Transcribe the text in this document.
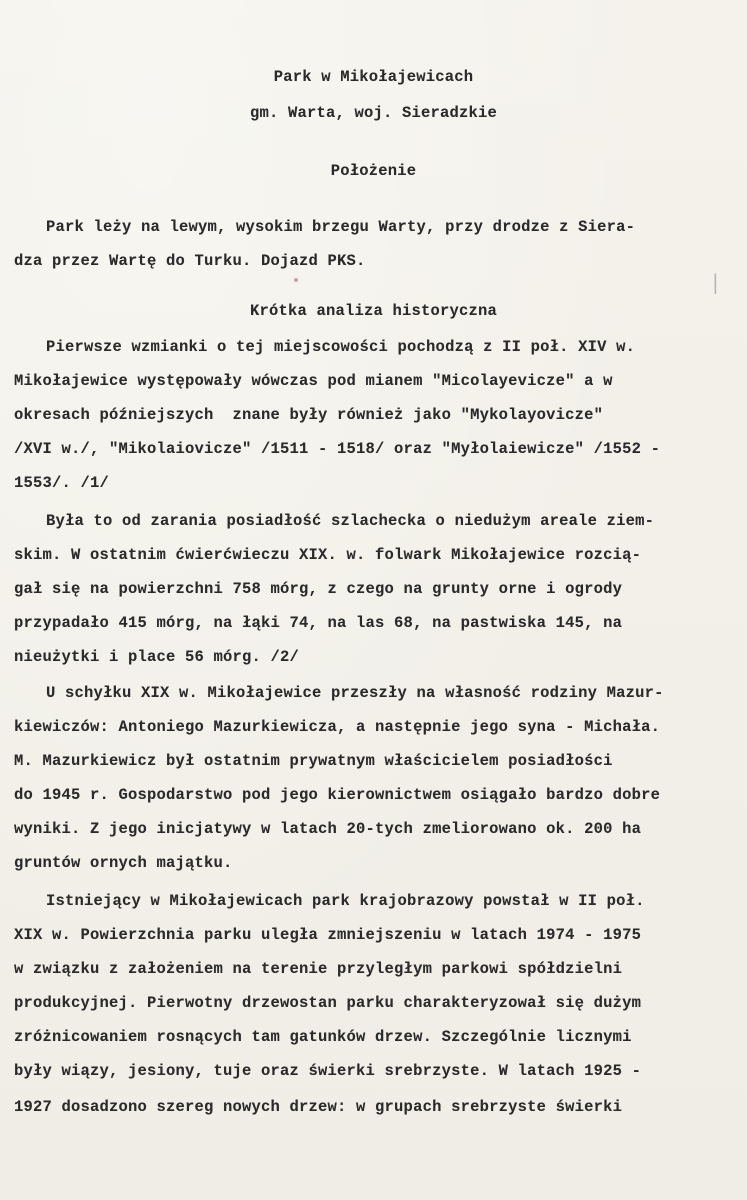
|
Park w Mikołajewicach
gm. Warta, woj. Sieradzkie
Położenie
Park leży na lewym, wysokim brzegu Warty, przy drodze z Siera-
dza przez Wartę do Turku. Dojazd PKS.
Krótka analiza historyczna
Pierwsze wzmianki o tej miejscowości pochodzą z II poł. XIV w.
Mikołajewice występowały wówczas pod mianem "Micolayevicze" a w
okresach późniejszych  znane były również jako "Mykolayovicze"
/XVI w./, "Mikolaiovicze" /1511 - 1518/ oraz "Myłolaiewicze" /1552 -
1553/. /1/
Była to od zarania posiadłość szlachecka o niedużym areale ziem-
skim. W ostatnim ćwierćwieczu XIX. w. folwark Mikołajewice rozcią-
gał się na powierzchni 758 mórg, z czego na grunty orne i ogrody
przypadało 415 mórg, na łąki 74, na las 68, na pastwiska 145, na
nieużytki i place 56 mórg. /2/
U schyłku XIX w. Mikołajewice przeszły na własność rodziny Mazur-
kiewiczów: Antoniego Mazurkiewicza, a następnie jego syna - Michała.
M. Mazurkiewicz był ostatnim prywatnym właścicielem posiadłości
do 1945 r. Gospodarstwo pod jego kierownictwem osiągało bardzo dobre
wyniki. Z jego inicjatywy w latach 20-tych zmeliorowano ok. 200 ha
gruntów ornych majątku.
Istniejący w Mikołajewicach park krajobrazowy powstał w II poł.
XIX w. Powierzchnia parku uległa zmniejszeniu w latach 1974 - 1975
w związku z założeniem na terenie przyległym parkowi spółdzielni
produkcyjnej. Pierwotny drzewostan parku charakteryzował się dużym
zróżnicowaniem rosnących tam gatunków drzew. Szczególnie licznymi
były wiązy, jesiony, tuje oraz świerki srebrzyste. W latach 1925 -
1927 dosadzono szereg nowych drzew: w grupach srebrzyste świerki
